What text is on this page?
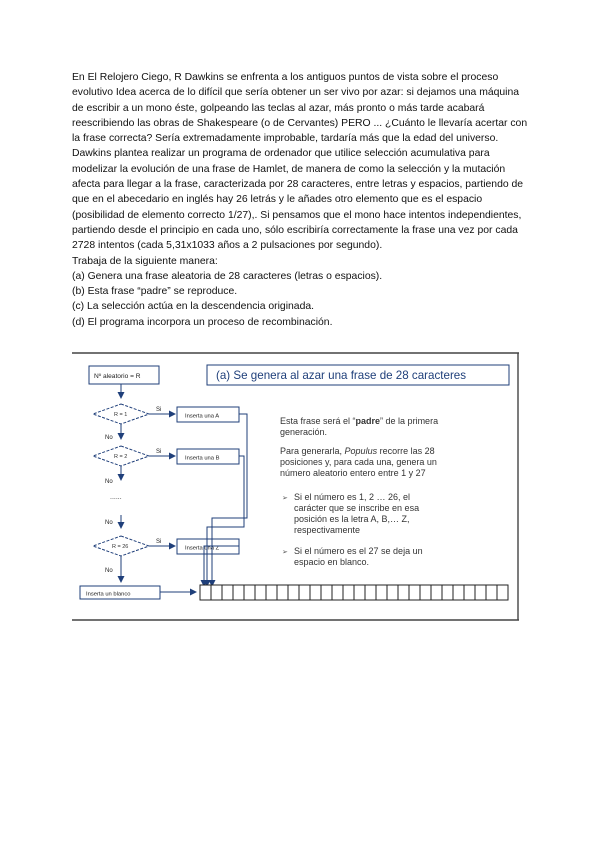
En El Relojero Ciego, R Dawkins se enfrenta a los antiguos puntos de vista sobre el proceso evolutivo Idea acerca de lo difícil que sería obtener un ser vivo por azar: si dejamos una máquina de escribir a un mono éste, golpeando las teclas al azar, más pronto o más tarde acabará reescribiendo las obras de Shakespeare (o de Cervantes) PERO ... ¿Cuánto le llevaría acertar con la frase correcta? Sería extremadamente improbable, tardaría más que la edad del universo.

Dawkins plantea realizar un programa de ordenador que utilice selección acumulativa para modelizar la evolución de una frase de Hamlet, de manera de como la selección y la mutación afecta para llegar a la frase, caracterizada por 28 caracteres, entre letras y espacios, partiendo de que en el abecedario en inglés hay 26 letrás y le añades otro elemento que es el espacio (posibilidad de elemento correcto 1/27),. Si pensamos que el mono hace intentos independientes, partiendo desde el principio en cada uno, sólo escribiría correctamente la frase una vez por cada 2728 intentos (cada 5,31x1033 años a 2 pulsaciones por segundo).

Trabaja de la siguiente manera:

(a) Genera una frase aleatoria de 28 caracteres (letras o espacios).

(b) Esta frase “padre” se reproduce.

(c) La selección actúa en la descendencia originada.

(d) El programa incorpora un proceso de recombinación.

(a) Se genera al azar una frase de 28 caracteres
Nº aleatorio = R
R = 1
Si
Inserta una A
No
R = 2
Si
Inserta una B
No
......
No
R = 26
Si
Inserta una Z
No
Inserta un blanco
Esta frase será el “padre” de la primera
generación.
Para generarla, Populus recorre las 28
posiciones y, para cada una, genera un
número aleatorio entero entre 1 y 27
➢ Si el número es 1, 2 … 26, el
carácter que se inscribe en esa
posición es la letra A, B,… Z,
respectivamente
➢ Si el número es el 27 se deja un
espacio en blanco.
